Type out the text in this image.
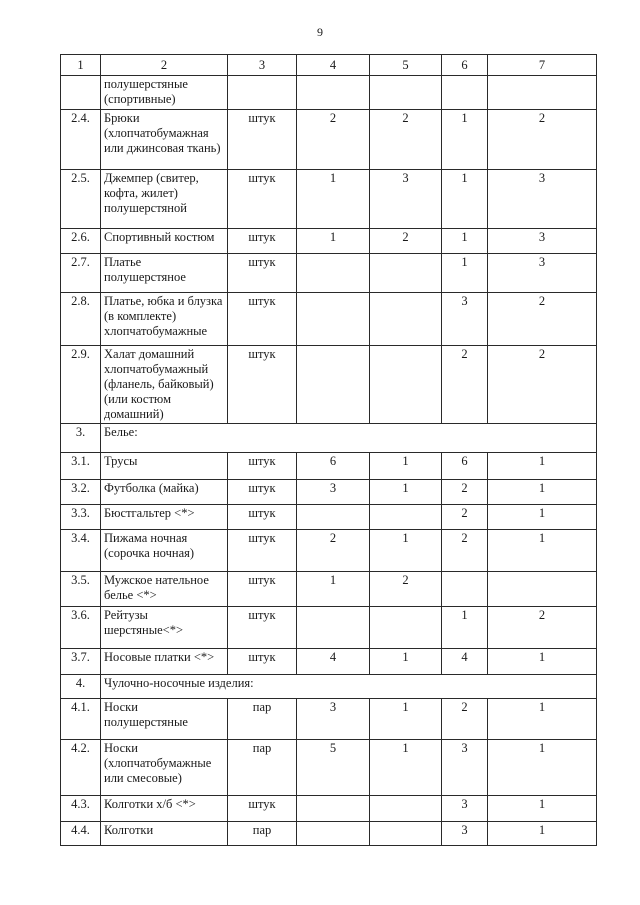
9
1	2	3	4	5	6	7
	полушерстяные (спортивные)					
2.4.	Брюки (хлопчатобумажная или джинсовая ткань)	штук	2	2	1	2
2.5.	Джемпер (свитер, кофта, жилет) полушерстяной	штук	1	3	1	3
2.6.	Спортивный костюм	штук	1	2	1	3
2.7.	Платье полушерстяное	штук			1	3
2.8.	Платье, юбка и блузка (в комплекте) хлопчатобумажные	штук			3	2
2.9.	Халат домашний хлопчатобумажный (фланель, байковый) (или костюм домашний)	штук			2	2
3.	Белье:					
3.1.	Трусы	штук	6	1	6	1
3.2.	Футболка (майка)	штук	3	1	2	1
3.3.	Бюстгальтер <*>	штук			2	1
3.4.	Пижама ночная (сорочка ночная)	штук	2	1	2	1
3.5.	Мужское нательное белье <*>	штук	1	2		
3.6.	Рейтузы шерстяные<*>	штук			1	2
3.7.	Носовые платки <*>	штук	4	1	4	1
4.	Чулочно-носочные изделия:					
4.1.	Носки полушерстяные	пар	3	1	2	1
4.2.	Носки (хлопчатобумажные или смесовые)	пар	5	1	3	1
4.3.	Колготки х/б <*>	штук			3	1
4.4.	Колготки	пар			3	1
